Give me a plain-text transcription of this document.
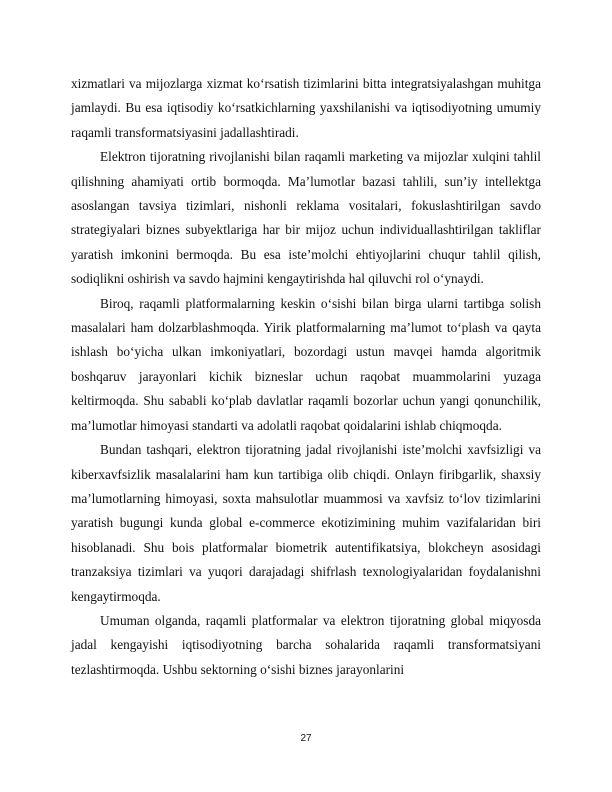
xizmatlari va mijozlarga xizmat koʻrsatish tizimlarini bitta integratsiyalashgan muhitga jamlaydi. Bu esa iqtisodiy koʻrsatkichlarning yaxshilanishi va iqtisodiyotning umumiy raqamli transformatsiyasini jadallashtiradi.

Elektron tijoratning rivojlanishi bilan raqamli marketing va mijozlar xulqini tahlil qilishning ahamiyati ortib bormoqda. Maʼlumotlar bazasi tahlili, sunʼiy intellektga asoslangan tavsiya tizimlari, nishonli reklama vositalari, fokuslashtirilgan savdo strategiyalari biznes subyektlariga har bir mijoz uchun individuallashtirilgan takliflar yaratish imkonini bermoqda. Bu esa isteʼmolchi ehtiyojlarini chuqur tahlil qilish, sodiqlikni oshirish va savdo hajmini kengaytirishda hal qiluvchi rol oʻynaydi.

Biroq, raqamli platformalarning keskin oʻsishi bilan birga ularni tartibga solish masalalari ham dolzarblashmoqda. Yirik platformalarning maʼlumot toʻplash va qayta ishlash boʻyicha ulkan imkoniyatlari, bozordagi ustun mavqei hamda algoritmik boshqaruv jarayonlari kichik bizneslar uchun raqobat muammolarini yuzaga keltirmoqda. Shu sababli koʻplab davlatlar raqamli bozorlar uchun yangi qonunchilik, maʼlumotlar himoyasi standarti va adolatli raqobat qoidalarini ishlab chiqmoqda.

Bundan tashqari, elektron tijoratning jadal rivojlanishi isteʼmolchi xavfsizligi va kiberxavfsizlik masalalarini ham kun tartibiga olib chiqdi. Onlayn firibgarlik, shaxsiy maʼlumotlarning himoyasi, soxta mahsulotlar muammosi va xavfsiz toʻlov tizimlarini yaratish bugungi kunda global e-commerce ekotizimining muhim vazifalaridan biri hisoblanadi. Shu bois platformalar biometrik autentifikatsiya, blokcheyn asosidagi tranzaksiya tizimlari va yuqori darajadagi shifrlash texnologiyalaridan foydalanishni kengaytirmoqda.

Umuman olganda, raqamli platformalar va elektron tijoratning global miqyosda jadal kengayishi iqtisodiyotning barcha sohalarida raqamli transformatsiyani tezlashtirmoqda. Ushbu sektorning oʻsishi biznes jarayonlarini

27
